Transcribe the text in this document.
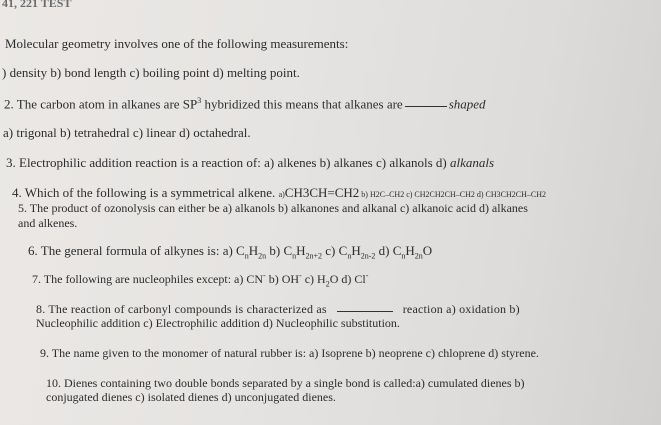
41, 221 TEST
Molecular geometry involves one of the following measurements:
) density b) bond length c) boiling point d) melting point.
2. The carbon atom in alkanes are $SP^3$ hybridized this means that alkanes are	shaped
a) trigonal b) tetrahedral c) linear d) octahedral.
3. Electrophilic addition reaction is a reaction of: a) alkenes b) alkanes c) alkanols d) alkanals
4. Which of the following is a symmetrical alkene. a)CH3CH=CH2 b) H2C–CH2 c) CH2CH2CH–CH2 d) CH3CH2CH–CH2
5. The product of ozonolysis can either be a) alkanols b) alkanones and alkanal c) alkanoic acid d) alkanes
and alkenes.
6. The general formula of alkynes is: a) $C_nH_{2n}$ b) $C_nH_{2n+2}$ c) $C_nH_{2n-2}$ d) $C_nH_{2n}O$
7. The following are nucleophiles except: a) CN- b) OH- c) $H_2O$ d) Cl-
8. The reaction of carbonyl compounds is characterized as	reaction a) oxidation b)
Nucleophilic addition c) Electrophilic addition d) Nucleophilic substitution.
9. The name given to the monomer of natural rubber is: a) Isoprene b) neoprene c) chloprene d) styrene.
10. Dienes containing two double bonds separated by a single bond is called:a) cumulated dienes b)
conjugated dienes c) isolated dienes d) unconjugated dienes.
